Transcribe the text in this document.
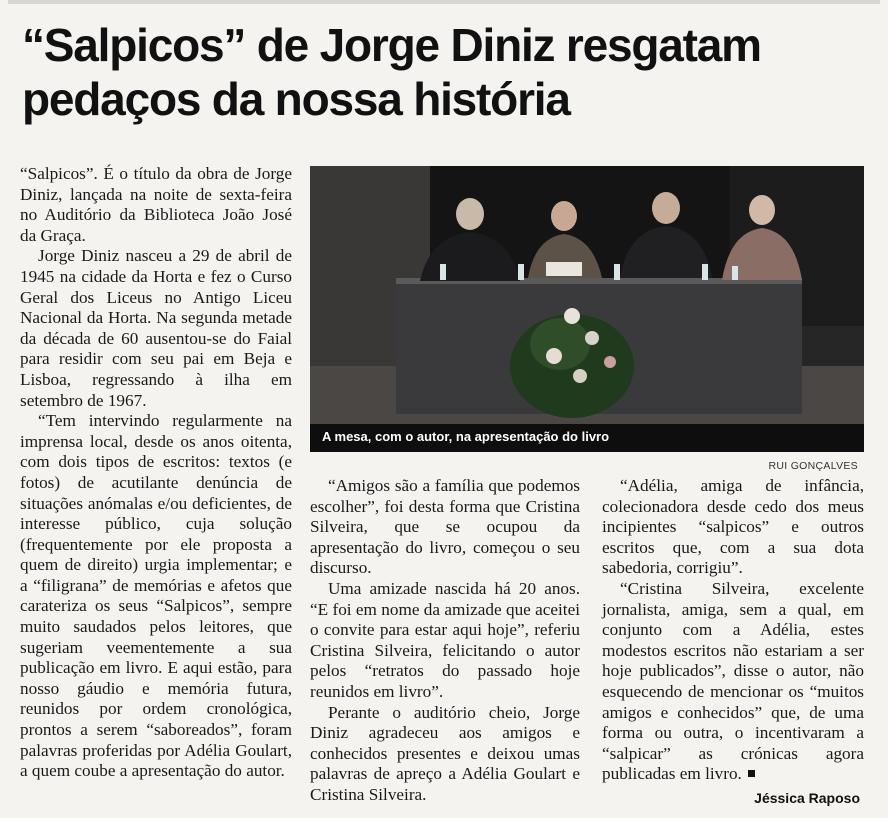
“Salpicos” de Jorge Diniz resgatam pedaços da nossa história

“Salpicos”. É o título da obra de Jorge Diniz, lançada na noite de sexta-feira no Auditório da Biblioteca João José da Graça.

Jorge Diniz nasceu a 29 de abril de 1945 na cidade da Horta e fez o Curso Geral dos Liceus no Antigo Liceu Nacional da Horta. Na segunda metade da década de 60 ausentou-se do Faial para residir com seu pai em Beja e Lisboa, regressando à ilha em setembro de 1967.

“Tem intervindo regularmente na imprensa local, desde os anos oitenta, com dois tipos de escritos: textos (e fotos) de acutilante denúncia de situações anómalas e/ou deficientes, de interesse público, cuja solução (frequentemente por ele proposta a quem de direito) urgia implementar; e a “filigrana” de memórias e afetos que carateriza os seus “Salpicos”, sempre muito saudados pelos leitores, que sugeriam veementemente a sua publicação em livro. E aqui estão, para nosso gáudio e memória futura, reunidos por ordem cronológica, prontos a serem “saboreados”, foram palavras proferidas por Adélia Goulart, a quem coube a apresentação do autor.

A mesa, com o autor, na apresentação do livro
RUI GONÇALVES

“Amigos são a família que podemos escolher”, foi desta forma que Cristina Silveira, que se ocupou da apresentação do livro, começou o seu discurso.

Uma amizade nascida há 20 anos. “E foi em nome da amizade que aceitei o convite para estar aqui hoje”, referiu Cristina Silveira, felicitando o autor pelos “retratos do passado hoje reunidos em livro”.

Perante o auditório cheio, Jorge Diniz agradeceu aos amigos e conhecidos presentes e deixou umas palavras de apreço a Adélia Goulart e Cristina Silveira.

“Adélia, amiga de infância, colecionadora desde cedo dos meus incipientes “salpicos” e outros escritos que, com a sua dota sabedoria, corrigiu”.

“Cristina Silveira, excelente jornalista, amiga, sem a qual, em conjunto com a Adélia, estes modestos escritos não estariam a ser hoje publicados”, disse o autor, não esquecendo de mencionar os “muitos amigos e conhecidos” que, de uma forma ou outra, o incentivaram a “salpicar” as crónicas agora publicadas em livro.

Jéssica Raposo
